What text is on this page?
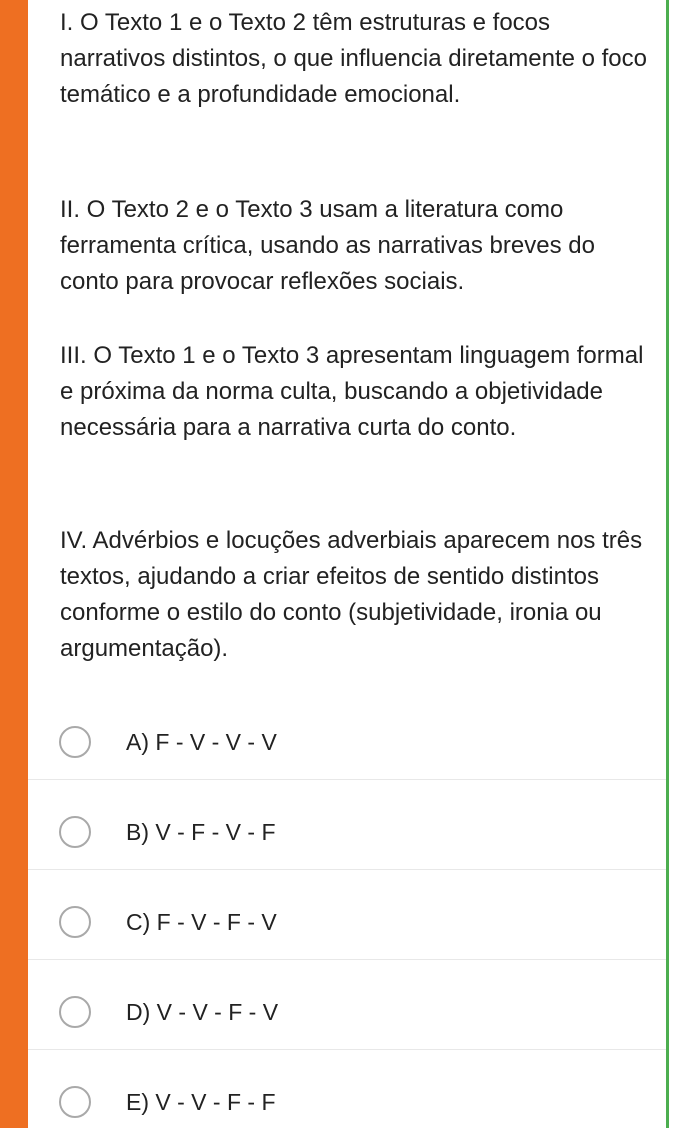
I. O Texto 1 e o Texto 2 têm estruturas e focos narrativos distintos, o que influencia diretamente o foco temático e a profundidade emocional.

II. O Texto 2 e o Texto 3 usam a literatura como ferramenta crítica, usando as narrativas breves do conto para provocar reflexões sociais.

III. O Texto 1 e o Texto 3 apresentam linguagem formal e próxima da norma culta, buscando a objetividade necessária para a narrativa curta do conto.

IV. Advérbios e locuções adverbiais aparecem nos três textos, ajudando a criar efeitos de sentido distintos conforme o estilo do conto (subjetividade, ironia ou argumentação).

A) F - V - V - V
B) V - F - V - F
C) F - V - F - V
D) V - V - F - V
E) V - V - F - F
